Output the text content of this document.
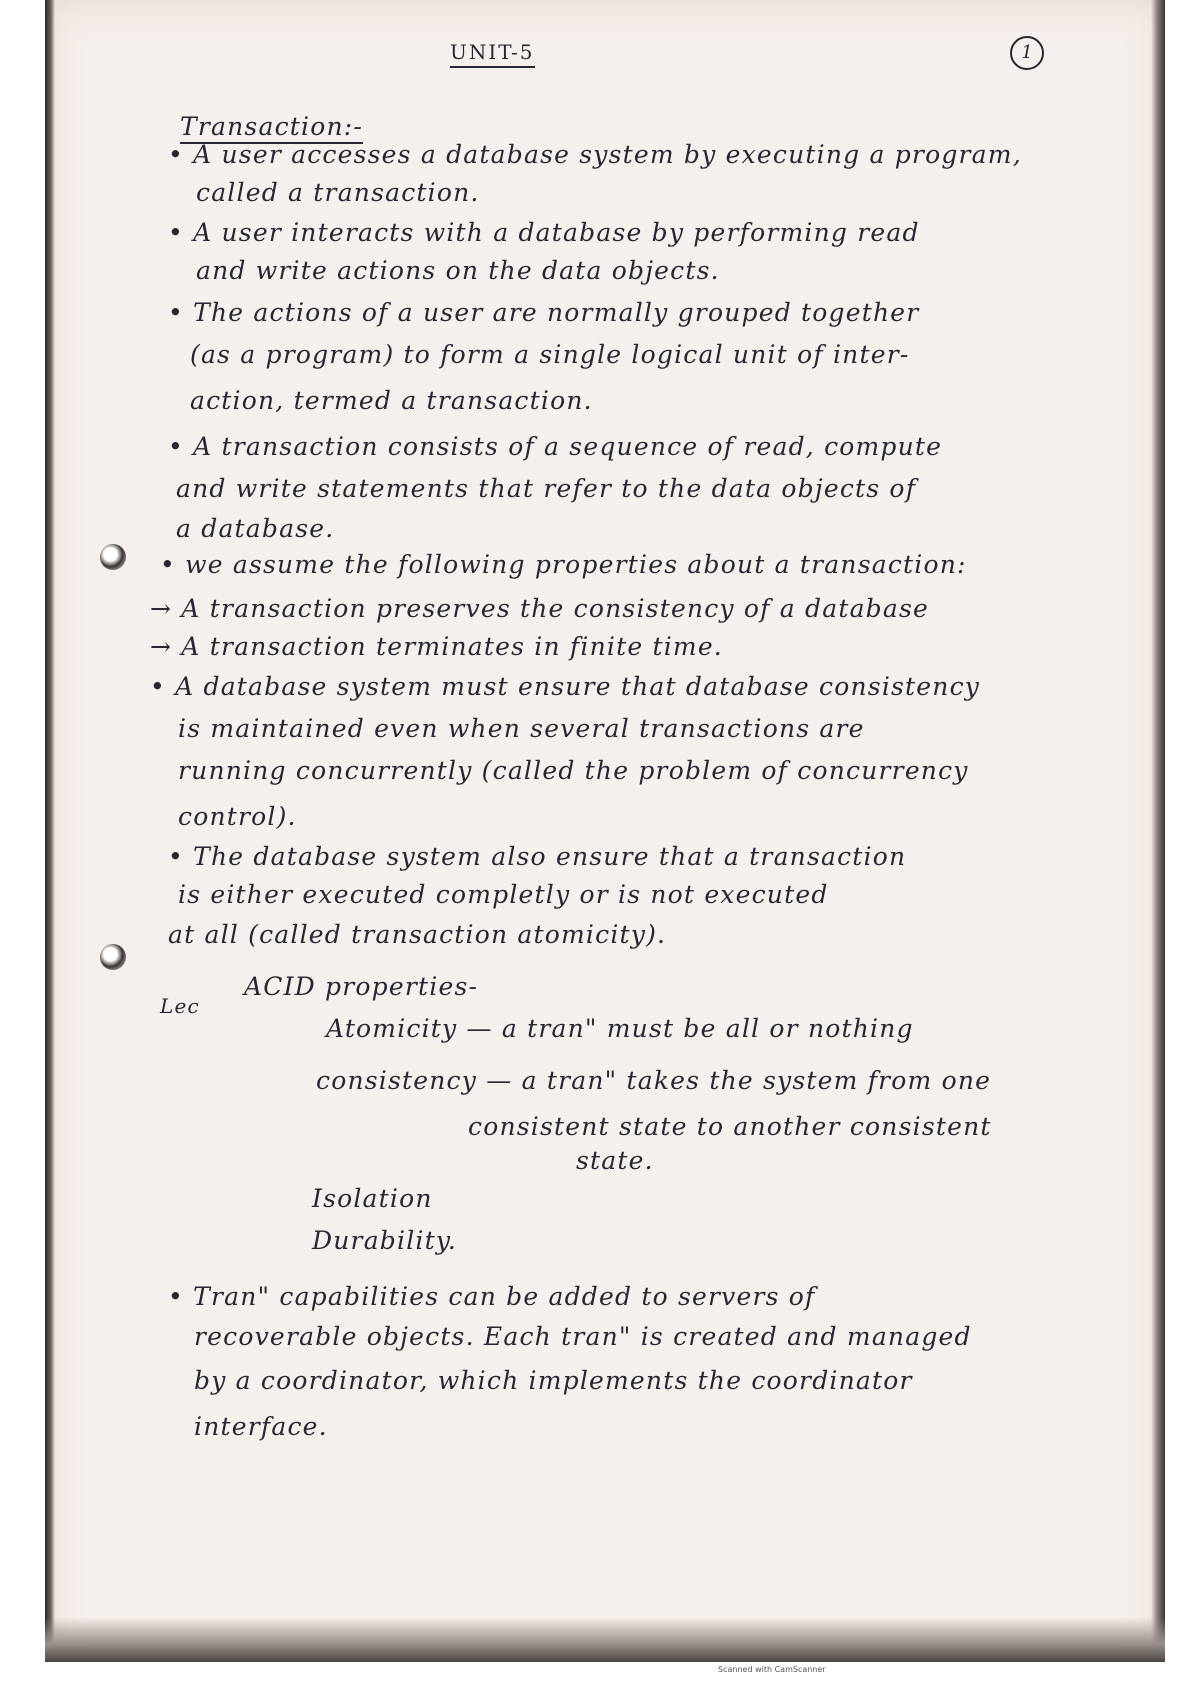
UNIT-5	1
Transaction:-
• A user accesses a database system by executing a program,
called a transaction.
• A user interacts with a database by performing read
and write actions on the data objects.
• The actions of a user are normally grouped together
(as a program) to form a single logical unit of inter-
action, termed a transaction.
• A transaction consists of a sequence of read, compute
and write statements that refer to the data objects of
a database.
• we assume the following properties about a transaction:
→ A transaction preserves the consistency of a database
→ A transaction terminates in finite time.
• A database system must ensure that database consistency
is maintained even when several transactions are
running concurrently (called the problem of concurrency
control).
• The database system also ensure that a transaction
is either executed completly or is not executed
at all (called transaction atomicity).
Lec
ACID properties-
Atomicity — a tran" must be all or nothing
consistency — a tran" takes the system from one
consistent state to another consistent
state.
Isolation
Durability.
• Tran" capabilities can be added to servers of
recoverable objects. Each tran" is created and managed
by a coordinator, which implements the coordinator
interface.
Scanned with CamScanner
